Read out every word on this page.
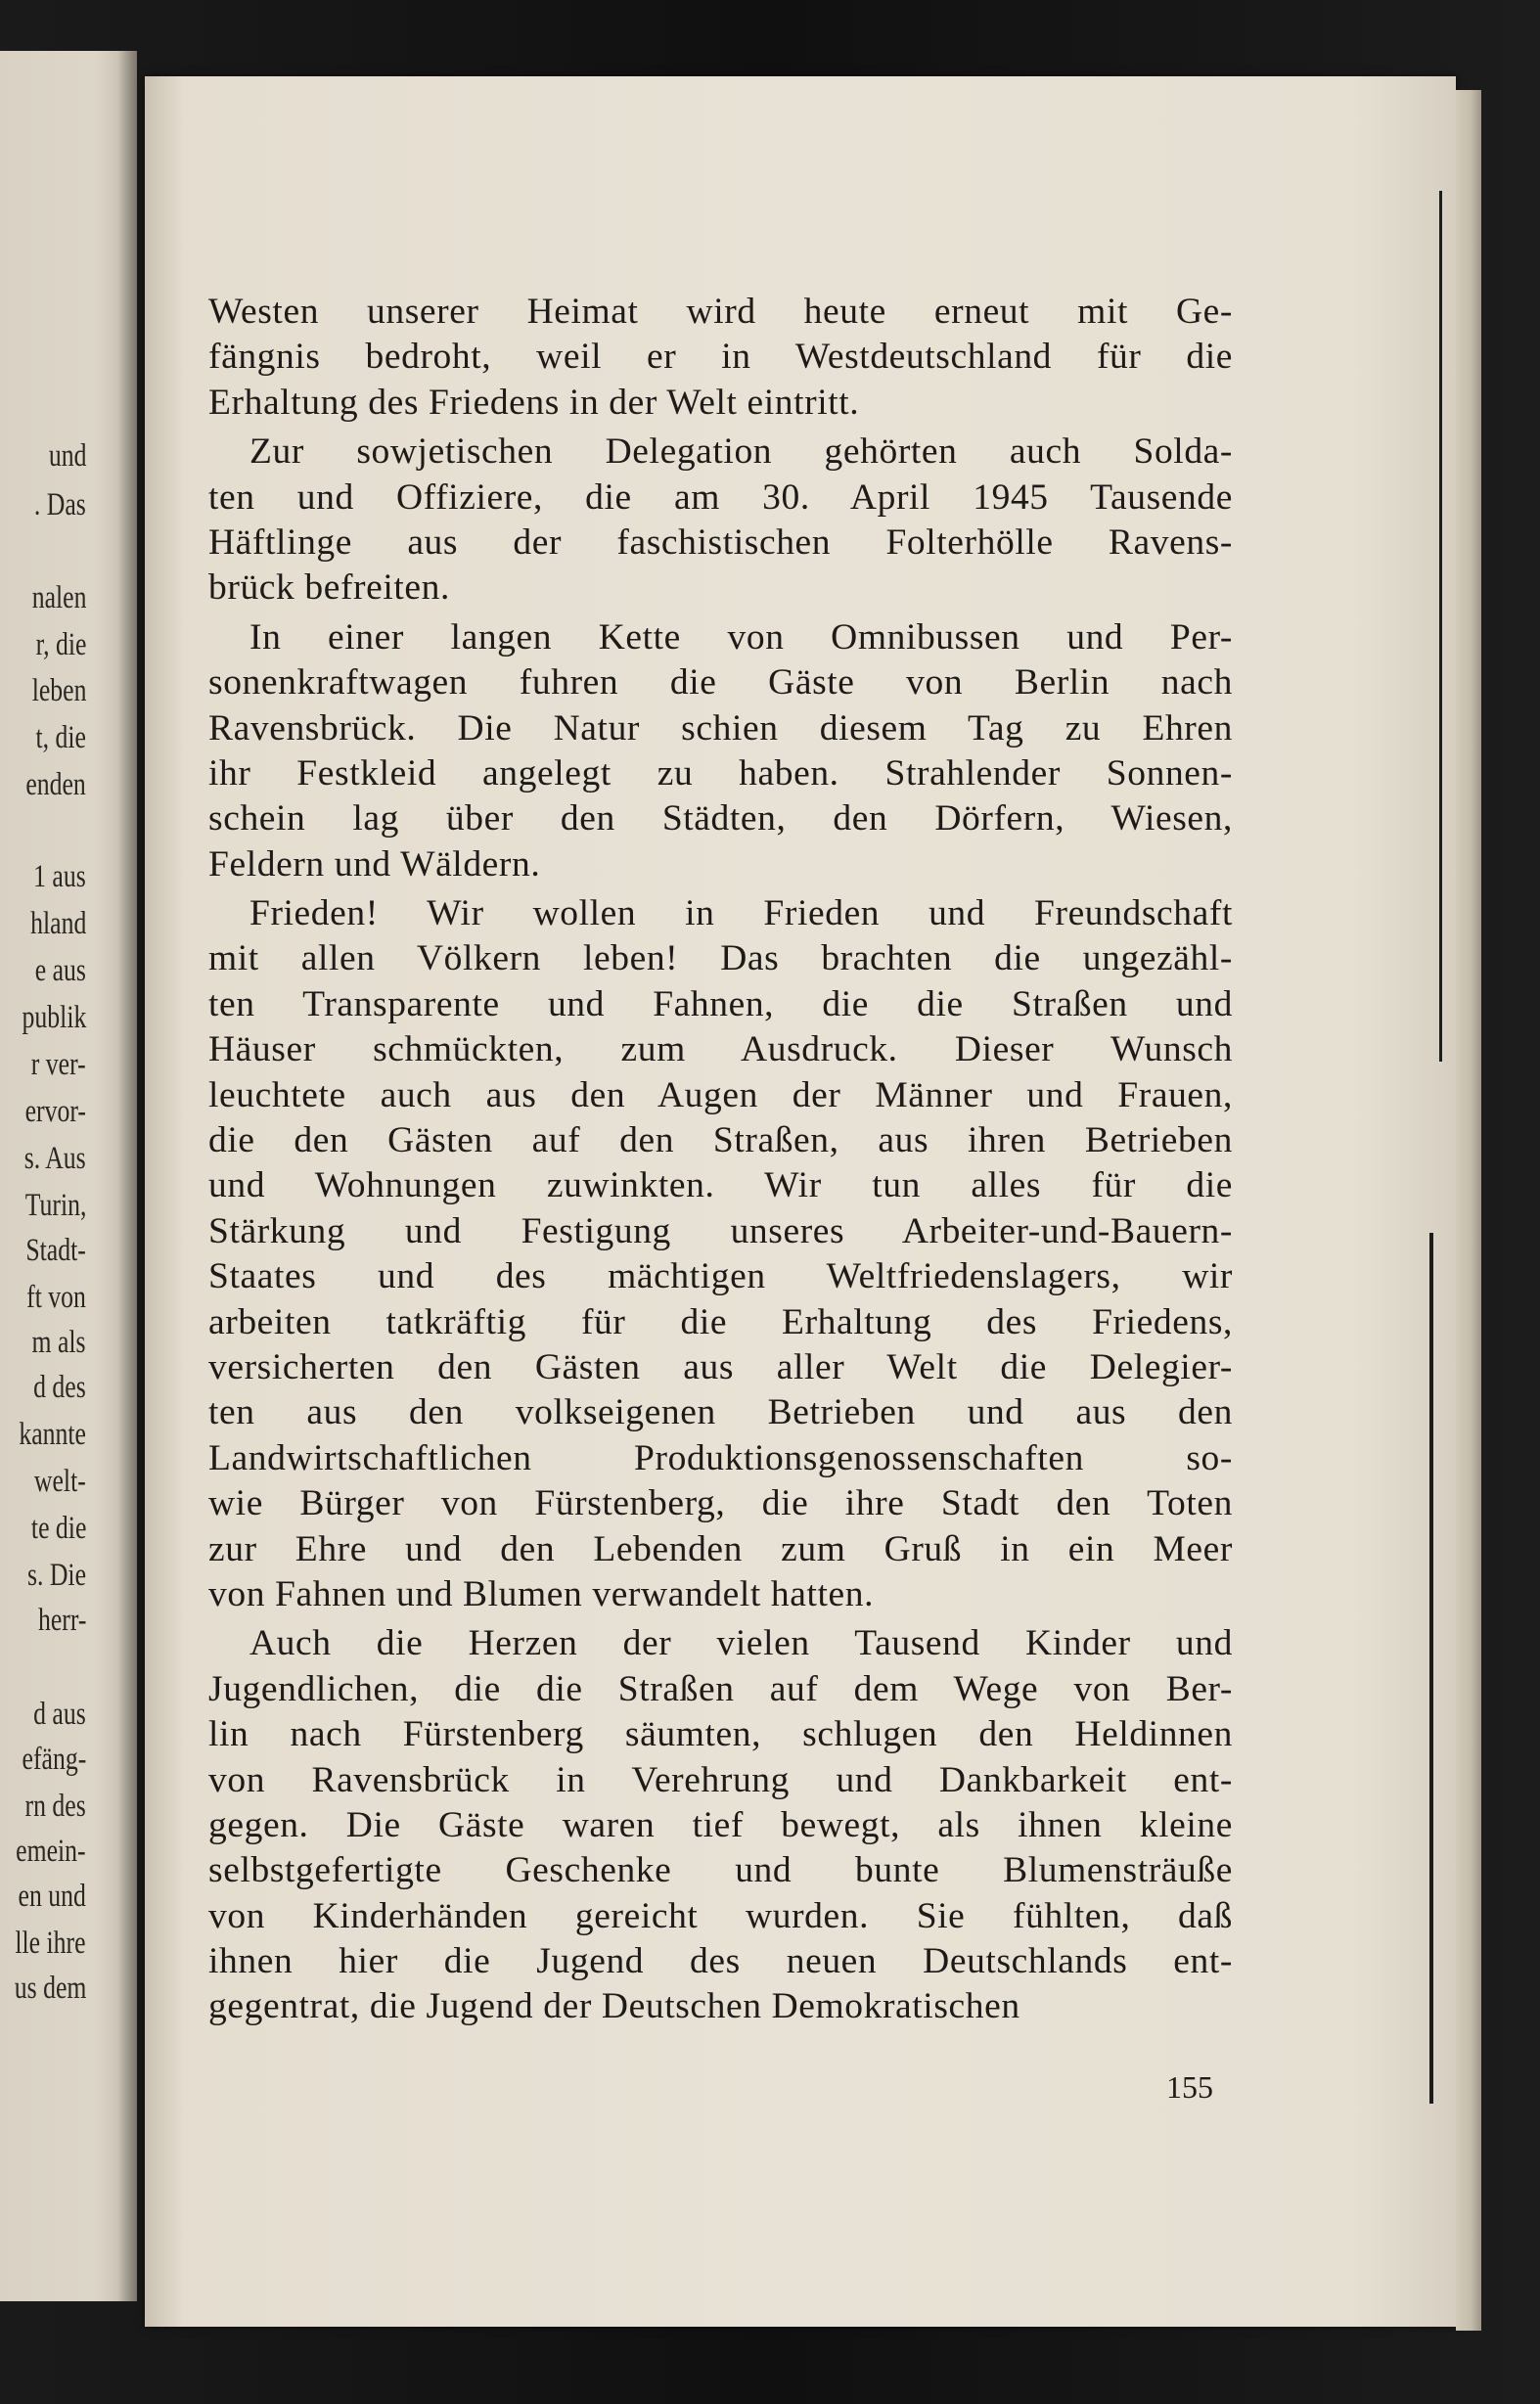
und
. Das
nalen
r, die
leben
t, die
enden
1 aus
hland
e aus
publik
r ver-
ervor-
s. Aus
Turin,
Stadt-
ft von
m als
d des
kannte
welt-
te die
s. Die
herr-
d aus
efäng-
rn des
emein-
en und
lle ihre
us dem
Westen unserer Heimat wird heute erneut mit Ge-
fängnis bedroht, weil er in Westdeutschland für die
Erhaltung des Friedens in der Welt eintritt.
Zur sowjetischen Delegation gehörten auch Solda-
ten und Offiziere, die am 30. April 1945 Tausende
Häftlinge aus der faschistischen Folterhölle Ravens-
brück befreiten.
In einer langen Kette von Omnibussen und Per-
sonenkraftwagen fuhren die Gäste von Berlin nach
Ravensbrück. Die Natur schien diesem Tag zu Ehren
ihr Festkleid angelegt zu haben. Strahlender Sonnen-
schein lag über den Städten, den Dörfern, Wiesen,
Feldern und Wäldern.
Frieden! Wir wollen in Frieden und Freundschaft
mit allen Völkern leben! Das brachten die ungezähl-
ten Transparente und Fahnen, die die Straßen und
Häuser schmückten, zum Ausdruck. Dieser Wunsch
leuchtete auch aus den Augen der Männer und Frauen,
die den Gästen auf den Straßen, aus ihren Betrieben
und Wohnungen zuwinkten. Wir tun alles für die
Stärkung und Festigung unseres Arbeiter-und-Bauern-
Staates und des mächtigen Weltfriedenslagers, wir
arbeiten tatkräftig für die Erhaltung des Friedens,
versicherten den Gästen aus aller Welt die Delegier-
ten aus den volkseigenen Betrieben und aus den
Landwirtschaftlichen Produktionsgenossenschaften so-
wie Bürger von Fürstenberg, die ihre Stadt den Toten
zur Ehre und den Lebenden zum Gruß in ein Meer
von Fahnen und Blumen verwandelt hatten.
Auch die Herzen der vielen Tausend Kinder und
Jugendlichen, die die Straßen auf dem Wege von Ber-
lin nach Fürstenberg säumten, schlugen den Heldinnen
von Ravensbrück in Verehrung und Dankbarkeit ent-
gegen. Die Gäste waren tief bewegt, als ihnen kleine
selbstgefertigte Geschenke und bunte Blumensträuße
von Kinderhänden gereicht wurden. Sie fühlten, daß
ihnen hier die Jugend des neuen Deutschlands ent-
gegentrat, die Jugend der Deutschen Demokratischen
155
